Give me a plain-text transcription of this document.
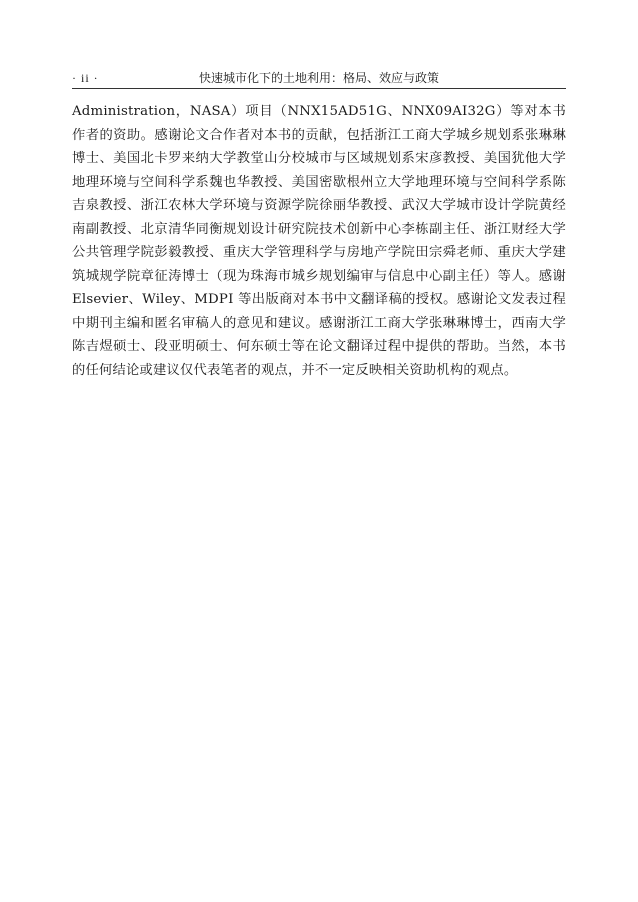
· ii ·	快速城市化下的土地利用：格局、效应与政策

Administration，NASA）项目（NNX15AD51G、NNX09AI32G）等对本书作者的资助。感谢论文合作者对本书的贡献，包括浙江工商大学城乡规划系张琳琳博士、美国北卡罗来纳大学教堂山分校城市与区域规划系宋彦教授、美国犹他大学地理环境与空间科学系魏也华教授、美国密歇根州立大学地理环境与空间科学系陈吉泉教授、浙江农林大学环境与资源学院徐丽华教授、武汉大学城市设计学院黄经南副教授、北京清华同衡规划设计研究院技术创新中心李栋副主任、浙江财经大学公共管理学院彭毅教授、重庆大学管理科学与房地产学院田宗舜老师、重庆大学建筑城规学院章征涛博士（现为珠海市城乡规划编审与信息中心副主任）等人。感谢 Elsevier、Wiley、MDPI 等出版商对本书中文翻译稿的授权。感谢论文发表过程中期刊主编和匿名审稿人的意见和建议。感谢浙江工商大学张琳琳博士，西南大学陈吉煜硕士、段亚明硕士、何东硕士等在论文翻译过程中提供的帮助。当然，本书的任何结论或建议仅代表笔者的观点，并不一定反映相关资助机构的观点。
